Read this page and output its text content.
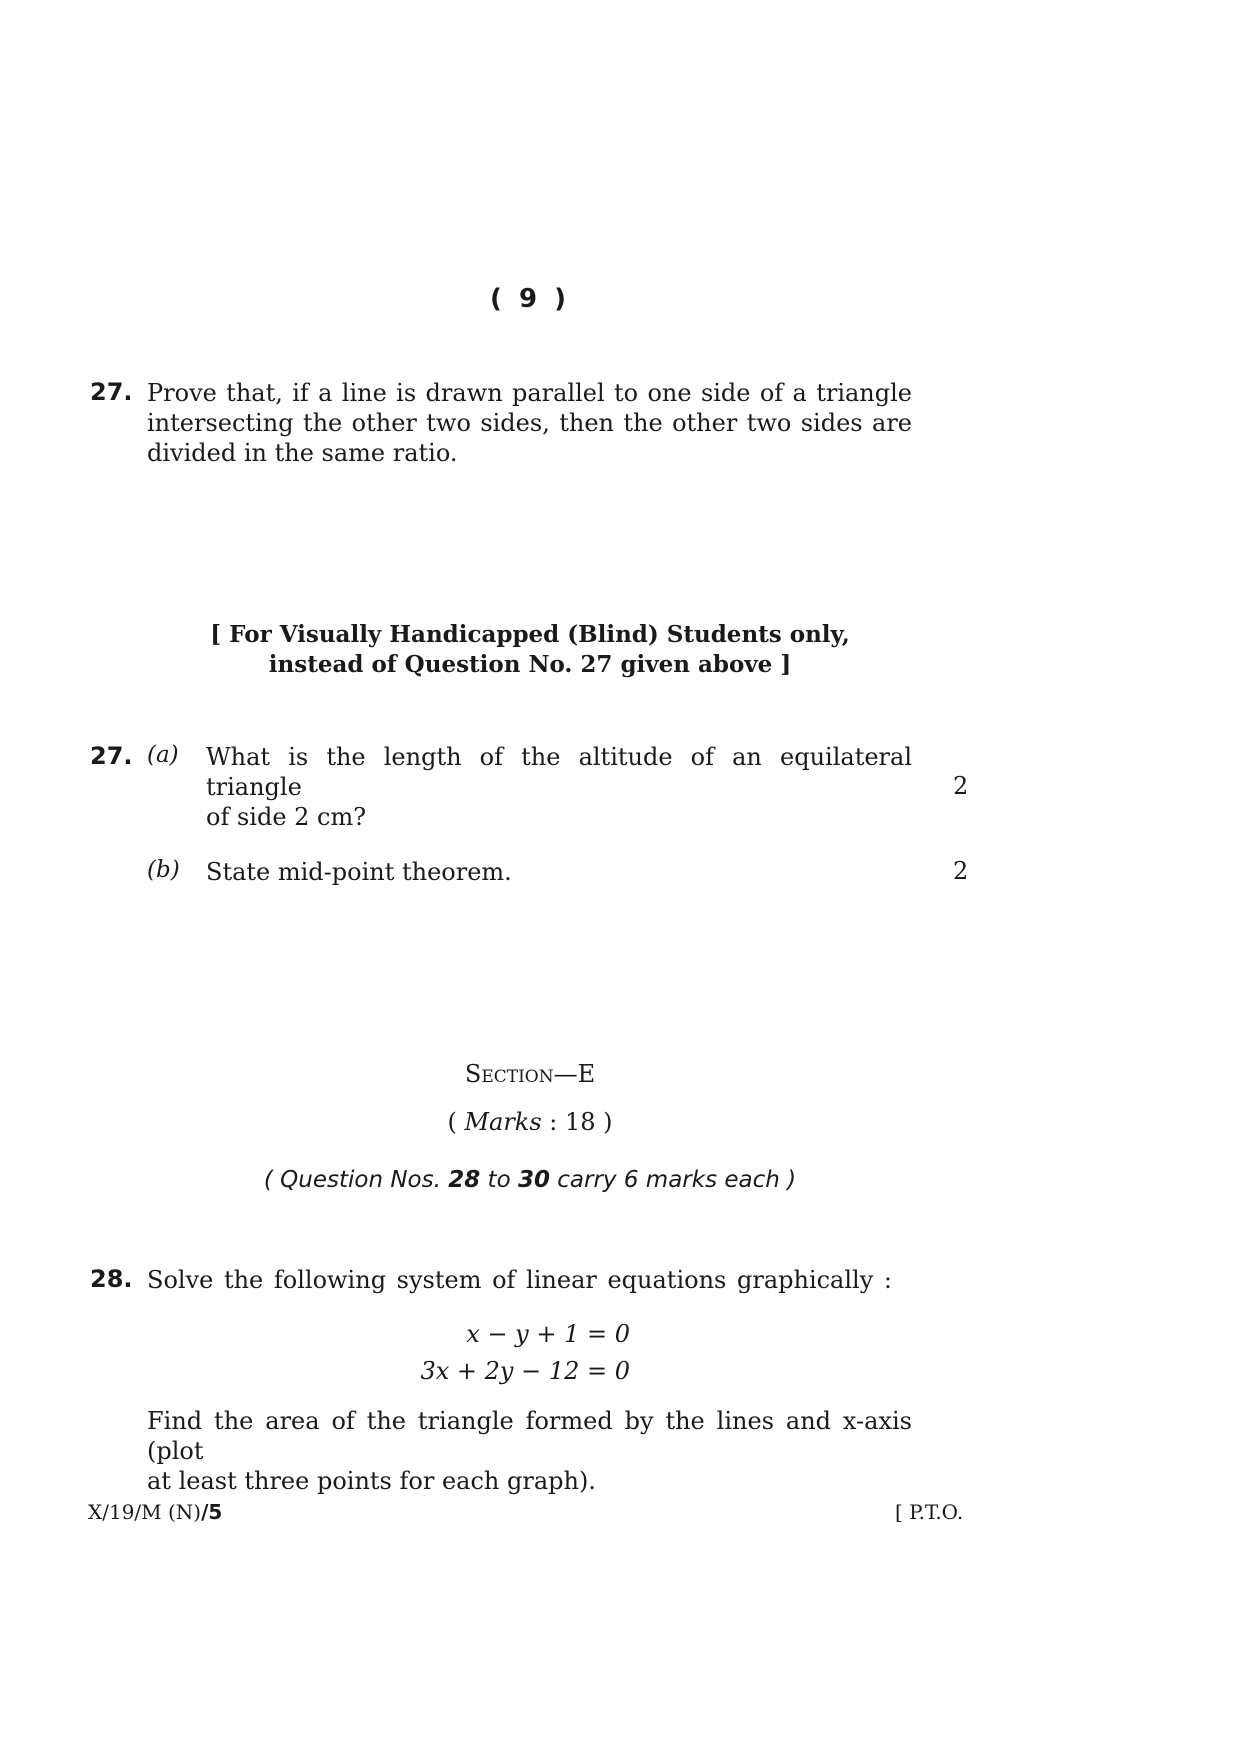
( 9 )
27. Prove that, if a line is drawn parallel to one side of a triangle
intersecting the other two sides, then the other two sides are
divided in the same ratio.
[ For Visually Handicapped (Blind) Students only,
instead of Question No. 27 given above ]
27. (a) What is the length of the altitude of an equilateral triangle
of side 2 cm?
2
(b) State mid-point theorem.	2
Section—E
( Marks : 18 )
( Question Nos. 28 to 30 carry 6 marks each )
28. Solve the following system of linear equations graphically :
x − y + 1 = 0
3x + 2y − 12 = 0
Find the area of the triangle formed by the lines and x-axis (plot
at least three points for each graph).
X/19/M (N)/5	[ P.T.O.
